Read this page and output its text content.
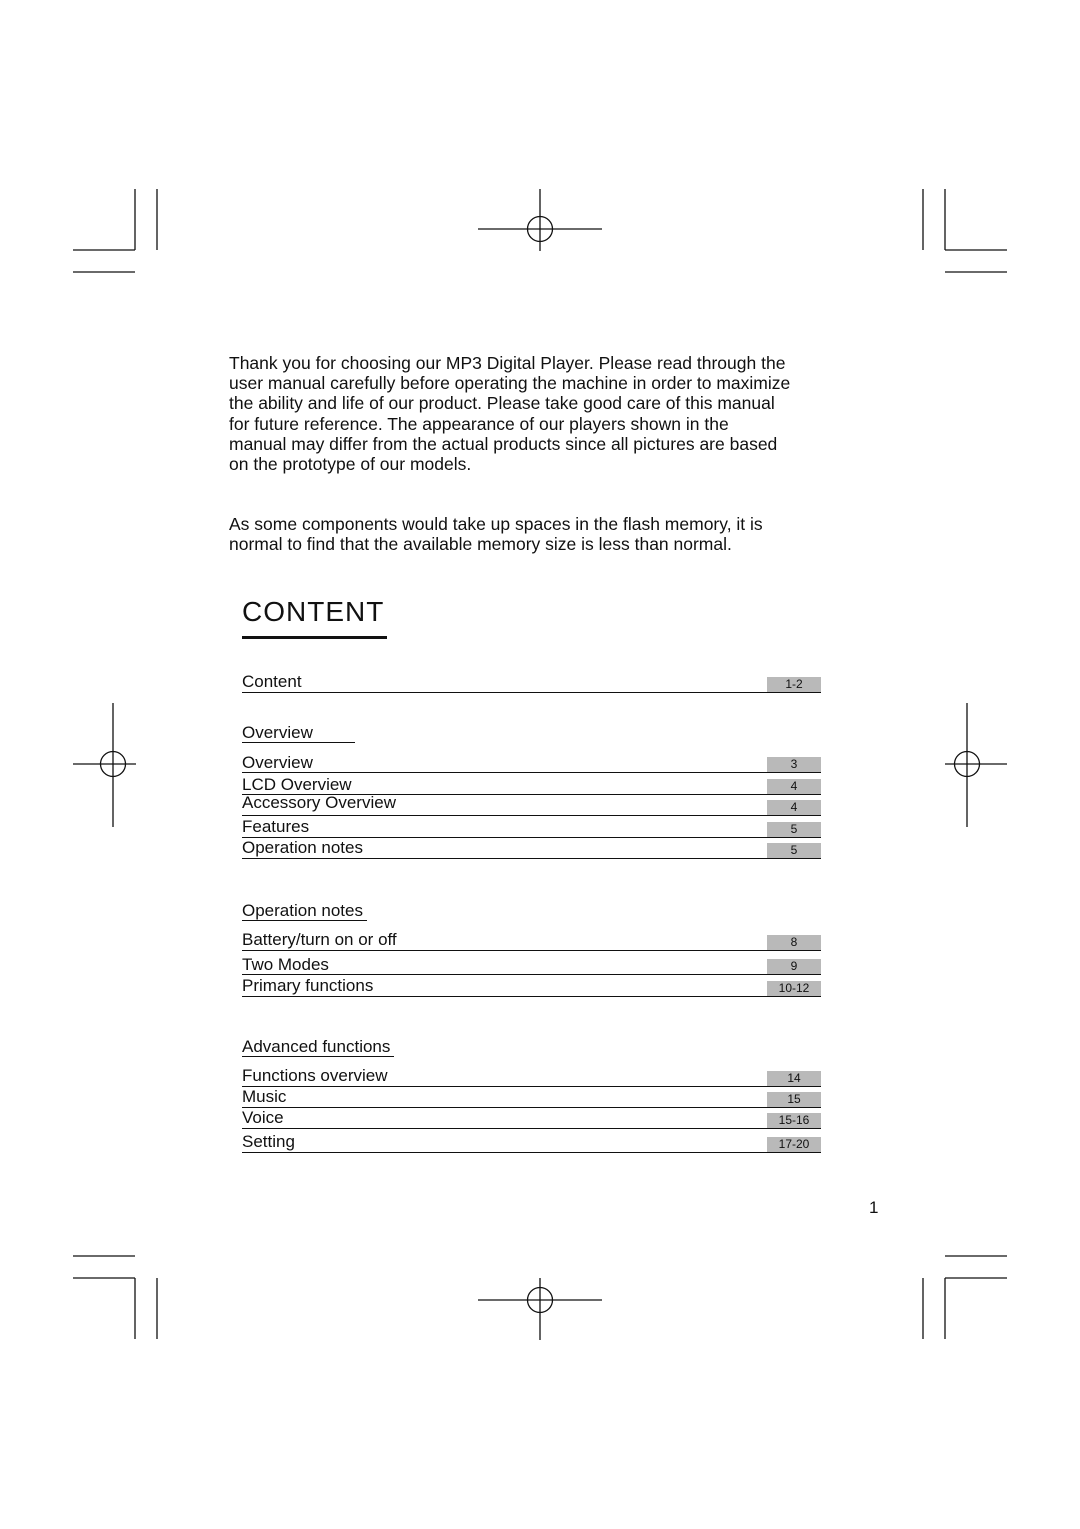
Thank you for choosing our MP3 Digital Player. Please read through the
user manual carefully before operating the machine in order to maximize
the ability and life of our product. Please take good care of this manual
for future reference. The appearance of our players shown in the
manual may differ from the actual products since all pictures are based
on the prototype of our models.

As some components would take up spaces in the flash memory, it is
normal to find that the available memory size is less than normal.

CONTENT
Content	1-2
Overview
Overview	3
LCD Overview	4
Accessory Overview	4
Features	5
Operation notes	5
Operation notes
Battery/turn on or off	8
Two Modes	9
Primary functions	10-12
Advanced functions
Functions overview	14
Music	15
Voice	15-16
Setting	17-20
1
